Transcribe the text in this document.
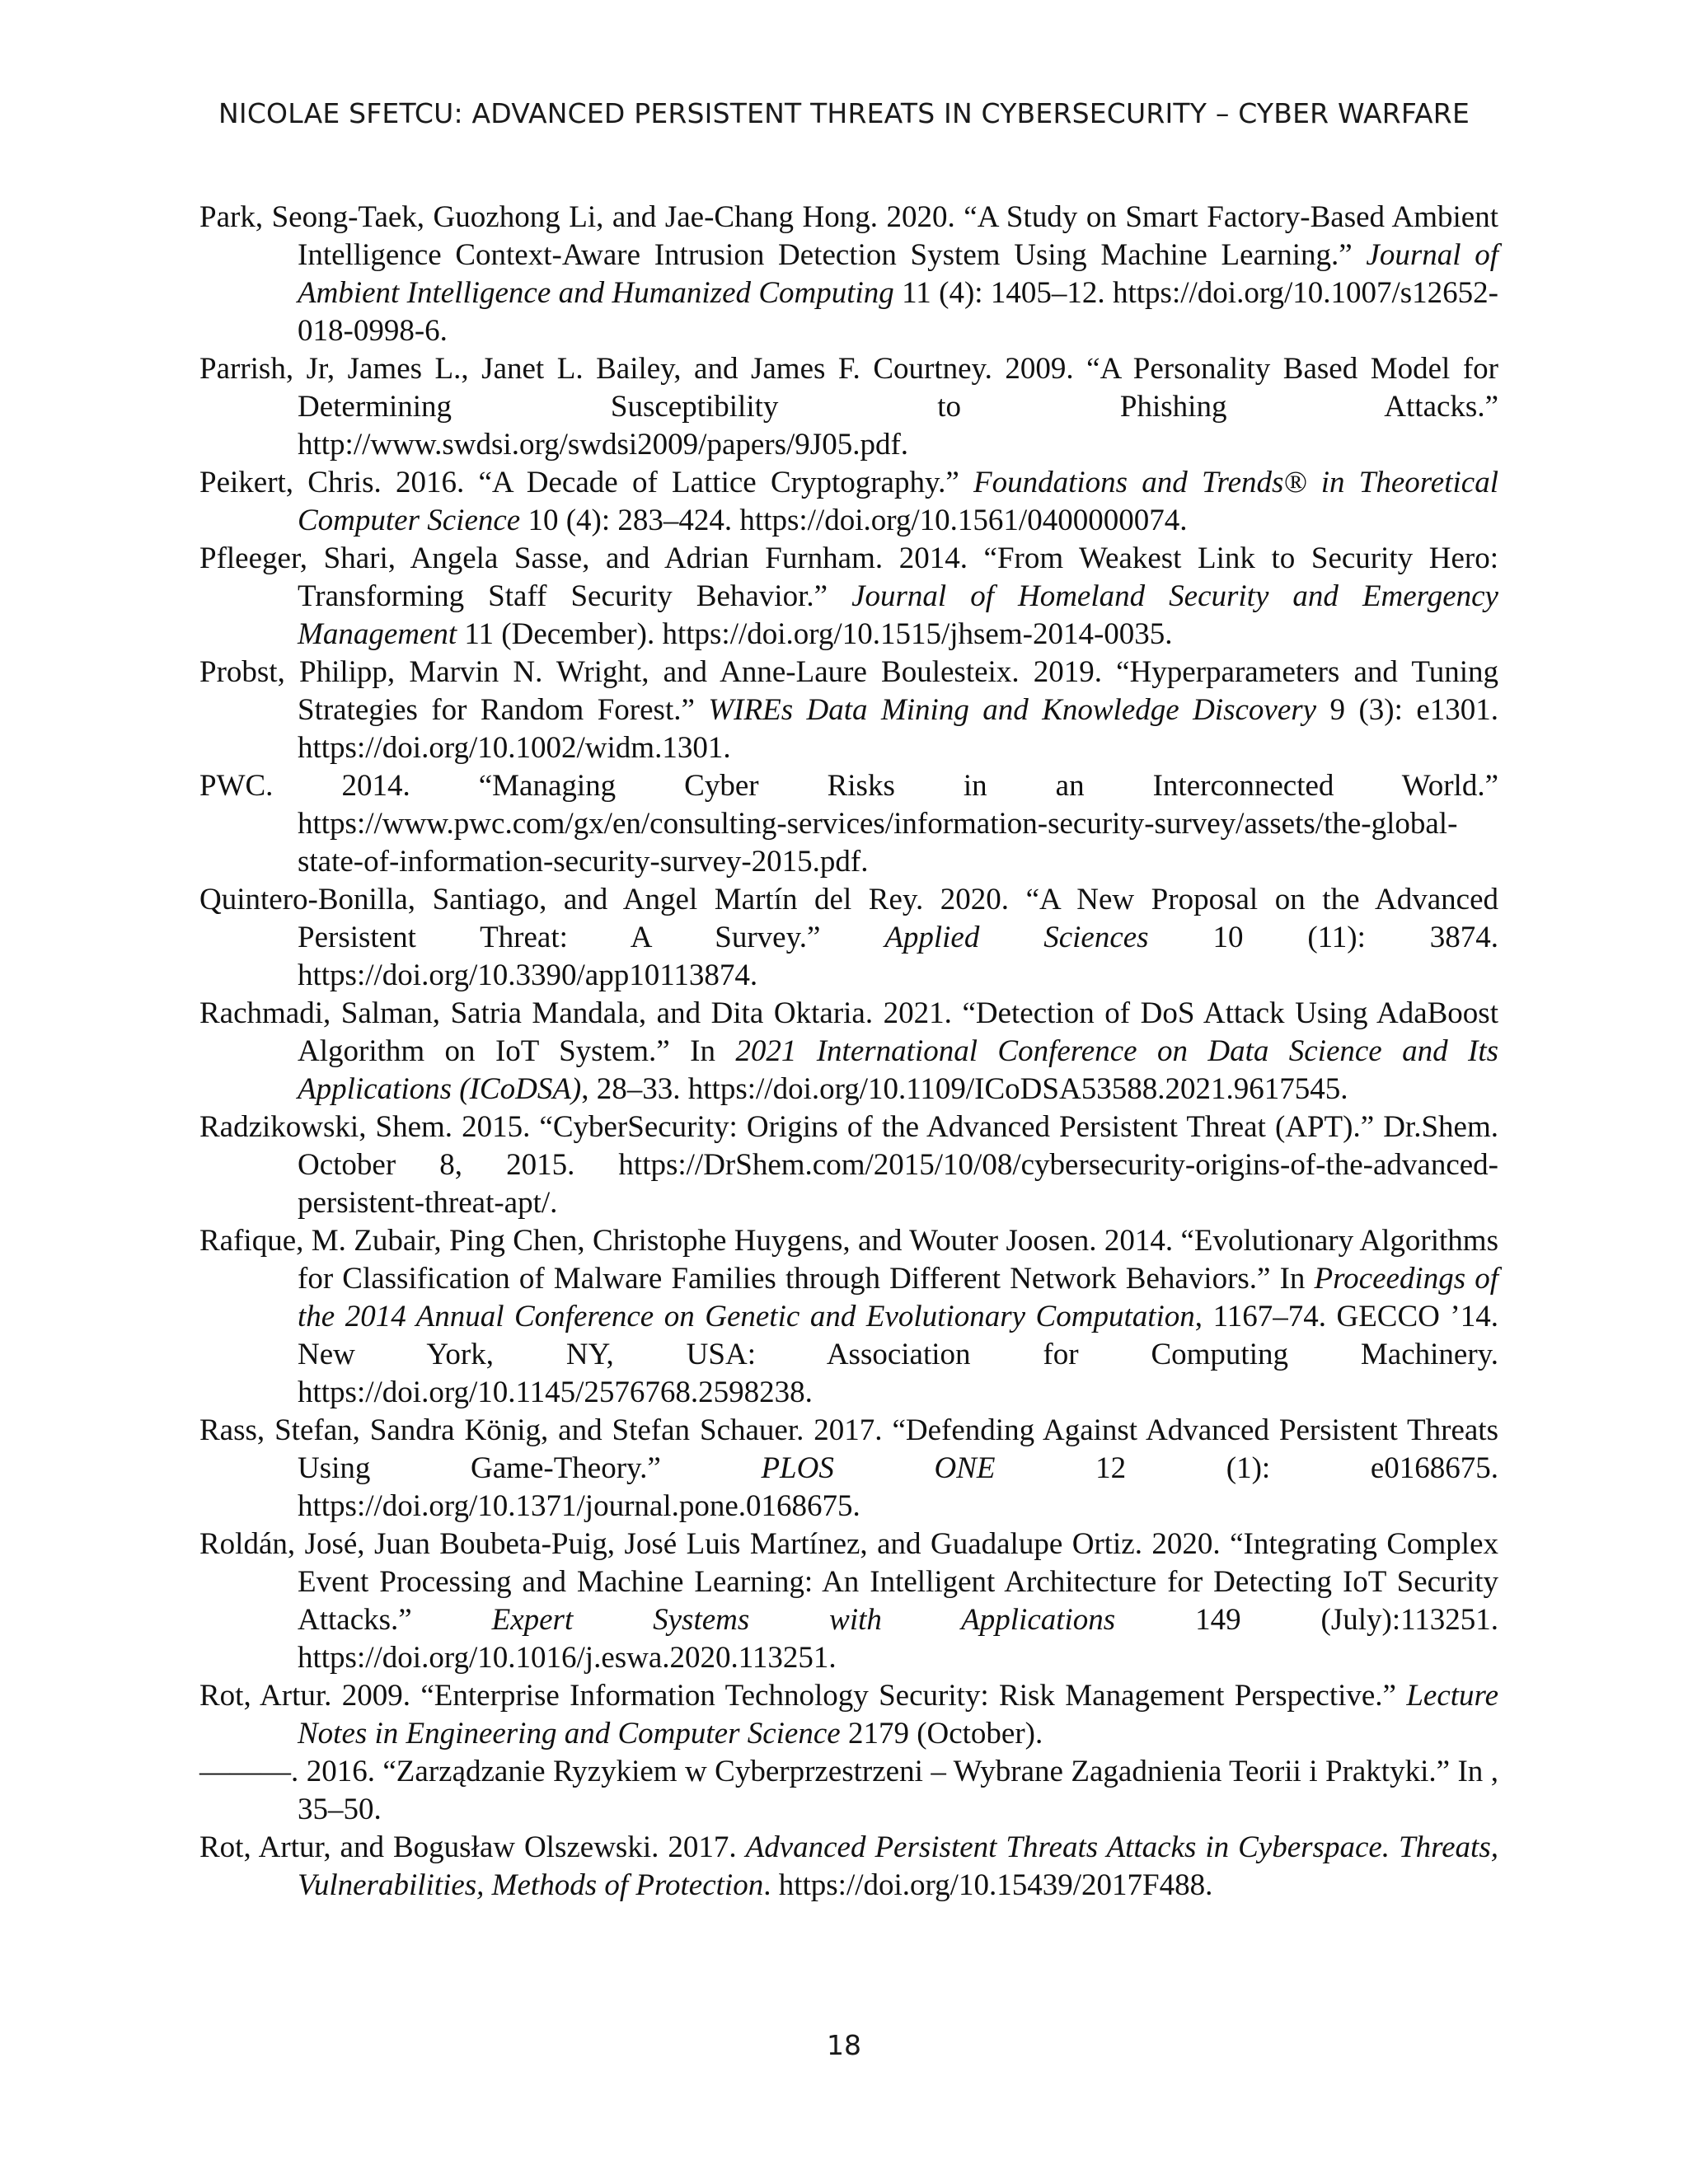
NICOLAE SFETCU: ADVANCED PERSISTENT THREATS IN CYBERSECURITY – CYBER WARFARE

Park, Seong-Taek, Guozhong Li, and Jae-Chang Hong. 2020. “A Study on Smart Factory-Based Ambient Intelligence Context-Aware Intrusion Detection System Using Machine Learning.” Journal of Ambient Intelligence and Humanized Computing 11 (4): 1405–12. https://doi.org/10.1007/s12652-018-0998-6.

Parrish, Jr, James L., Janet L. Bailey, and James F. Courtney. 2009. “A Personality Based Model for Determining Susceptibility to Phishing Attacks.” http://www.swdsi.org/swdsi2009/papers/9J05.pdf.

Peikert, Chris. 2016. “A Decade of Lattice Cryptography.” Foundations and Trends® in Theoretical Computer Science 10 (4): 283–424. https://doi.org/10.1561/0400000074.

Pfleeger, Shari, Angela Sasse, and Adrian Furnham. 2014. “From Weakest Link to Security Hero: Transforming Staff Security Behavior.” Journal of Homeland Security and Emergency Management 11 (December). https://doi.org/10.1515/jhsem-2014-0035.

Probst, Philipp, Marvin N. Wright, and Anne-Laure Boulesteix. 2019. “Hyperparameters and Tuning Strategies for Random Forest.” WIREs Data Mining and Knowledge Discovery 9 (3): e1301. https://doi.org/10.1002/widm.1301.

PWC. 2014. “Managing Cyber Risks in an Interconnected World.” https://www.pwc.com/gx/en/consulting-services/information-security-survey/assets/the-global-state-of-information-security-survey-2015.pdf.

Quintero-Bonilla, Santiago, and Angel Martín del Rey. 2020. “A New Proposal on the Advanced Persistent Threat: A Survey.” Applied Sciences 10 (11): 3874. https://doi.org/10.3390/app10113874.

Rachmadi, Salman, Satria Mandala, and Dita Oktaria. 2021. “Detection of DoS Attack Using AdaBoost Algorithm on IoT System.” In 2021 International Conference on Data Science and Its Applications (ICoDSA), 28–33. https://doi.org/10.1109/ICoDSA53588.2021.9617545.

Radzikowski, Shem. 2015. “CyberSecurity: Origins of the Advanced Persistent Threat (APT).” Dr.Shem. October 8, 2015. https://DrShem.com/2015/10/08/cybersecurity-origins-of-the-advanced-persistent-threat-apt/.

Rafique, M. Zubair, Ping Chen, Christophe Huygens, and Wouter Joosen. 2014. “Evolutionary Algorithms for Classification of Malware Families through Different Network Behaviors.” In Proceedings of the 2014 Annual Conference on Genetic and Evolutionary Computation, 1167–74. GECCO ’14. New York, NY, USA: Association for Computing Machinery. https://doi.org/10.1145/2576768.2598238.

Rass, Stefan, Sandra König, and Stefan Schauer. 2017. “Defending Against Advanced Persistent Threats Using Game-Theory.” PLOS ONE 12 (1): e0168675. https://doi.org/10.1371/journal.pone.0168675.

Roldán, José, Juan Boubeta-Puig, José Luis Martínez, and Guadalupe Ortiz. 2020. “Integrating Complex Event Processing and Machine Learning: An Intelligent Architecture for Detecting IoT Security Attacks.” Expert Systems with Applications 149 (July):113251. https://doi.org/10.1016/j.eswa.2020.113251.

Rot, Artur. 2009. “Enterprise Information Technology Security: Risk Management Perspective.” Lecture Notes in Engineering and Computer Science 2179 (October).

———. 2016. “Zarządzanie Ryzykiem w Cyberprzestrzeni – Wybrane Zagadnienia Teorii i Praktyki.” In , 35–50.

Rot, Artur, and Bogusław Olszewski. 2017. Advanced Persistent Threats Attacks in Cyberspace. Threats, Vulnerabilities, Methods of Protection. https://doi.org/10.15439/2017F488.

18
